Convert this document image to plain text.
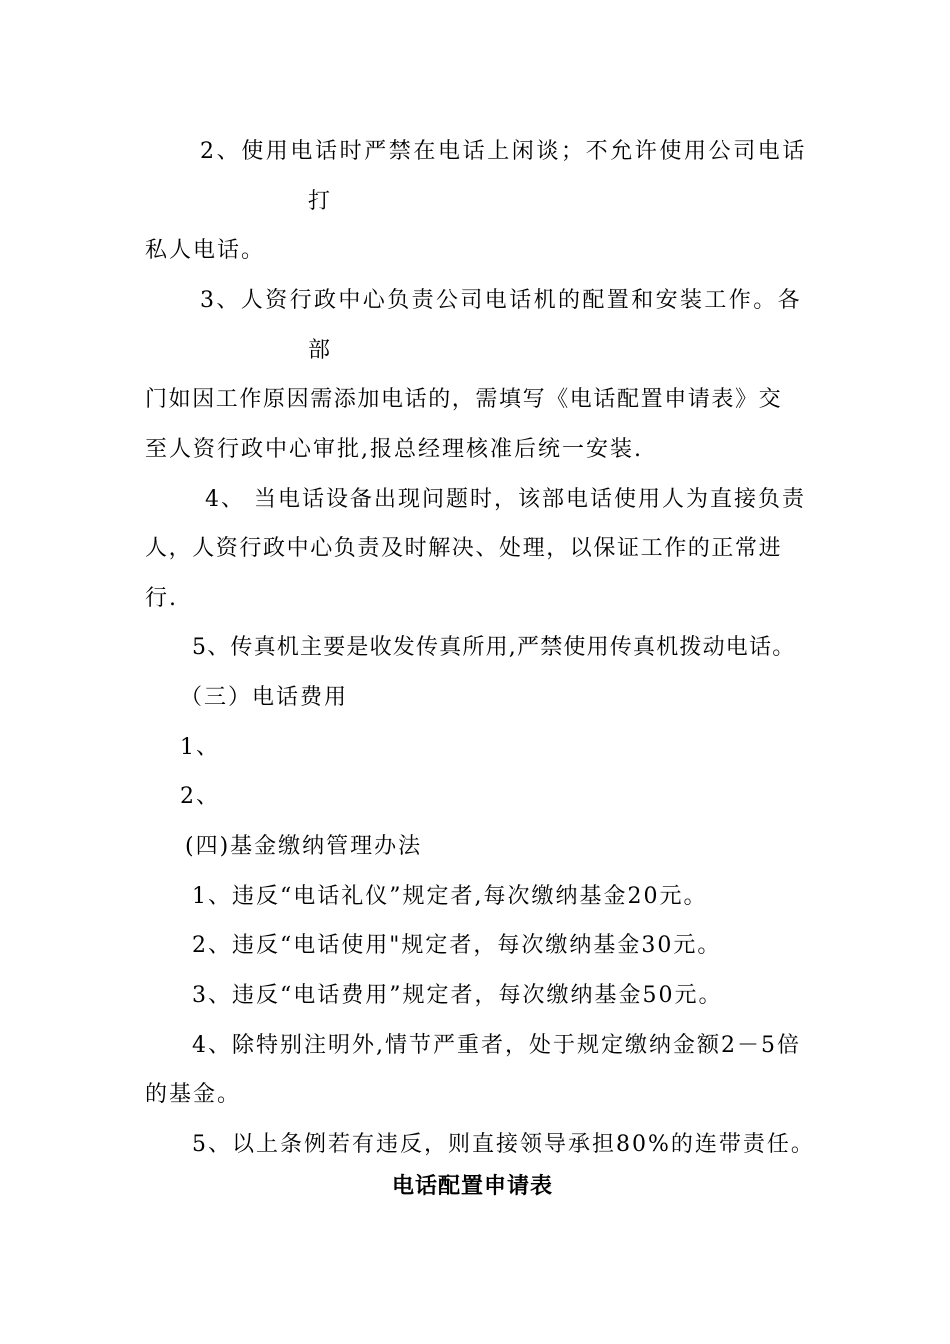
2、使用电话时严禁在电话上闲谈；不允许使用公司电话
打
私人电话。
3、人资行政中心负责公司电话机的配置和安装工作。各
部
门如因工作原因需添加电话的，需填写《电话配置申请表》交
至人资行政中心审批,报总经理核准后统一安装.
4、 当电话设备出现问题时，该部电话使用人为直接负责
人，人资行政中心负责及时解决、处理，以保证工作的正常进
行.
5、传真机主要是收发传真所用,严禁使用传真机拨动电话。
（三）电话费用
1、
2、
(四)基金缴纳管理办法
1、违反“电话礼仪”规定者,每次缴纳基金20元。
2、违反“电话使用"规定者，每次缴纳基金30元。
3、违反“电话费用”规定者，每次缴纳基金50元。
4、除特别注明外,情节严重者，处于规定缴纳金额2－5倍
的基金。
5、以上条例若有违反，则直接领导承担80%的连带责任。
电话配置申请表
